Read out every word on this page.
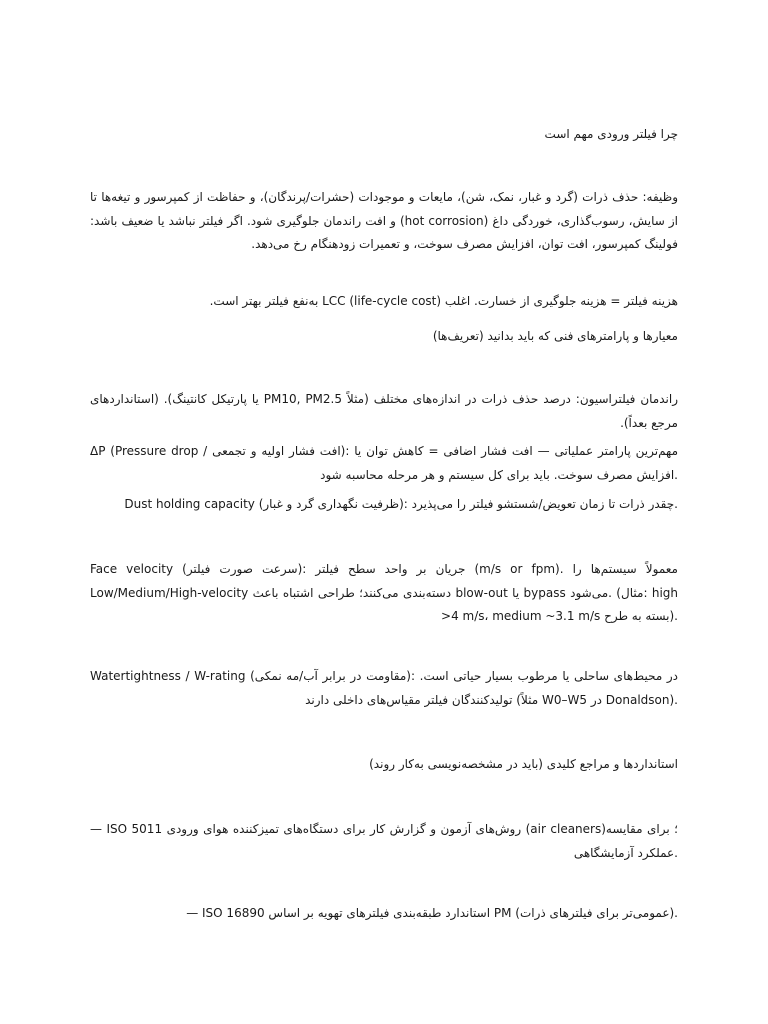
چرا فیلتر ورودی مهم است

وظیفه: حذف ذرات (گرد و غبار، نمک، شن)، مایعات و موجودات (حشرات/پرندگان)، و حفاظت از کمپرسور و تیغه‌ها تا از سایش، رسوب‌گذاری، خوردگی داغ (hot corrosion) و افت راندمان جلوگیری شود. اگر فیلتر نباشد یا ضعیف باشد: فولینگ کمپرسور، افت توان، افزایش مصرف سوخت، و تعمیرات زودهنگام رخ می‌دهد.

هزینه فیلتر = هزینه جلوگیری از خسارت. اغلب LCC (life-cycle cost) به‌نفع فیلتر بهتر است.

معیارها و پارامترهای فنی که باید بدانید (تعریف‌ها)

راندمان فیلتراسیون: درصد حذف ذرات در اندازه‌های مختلف (مثلاً PM10, PM2.5 یا پارتیکل کانتینگ). (استانداردهای مرجع بعداً).

ΔP (Pressure drop / افت فشار اولیه و تجمعی): مهم‌ترین پارامتر عملیاتی — افت فشار اضافی = کاهش توان یا افزایش مصرف سوخت. باید برای کل سیستم و هر مرحله محاسبه شود.

Dust holding capacity (ظرفیت نگهداری گرد و غبار): چقدر ذرات تا زمان تعویض/شستشو فیلتر را می‌پذیرد.

Face velocity (سرعت صورت فیلتر): جریان بر واحد سطح فیلتر (m/s or fpm). معمولاً سیستم‌ها را Low/Medium/High-velocity دسته‌بندی می‌کنند؛ طراحی اشتباه باعث blow-out یا bypass می‌شود. (مثال: high >4 m/s، medium ~3.1 m/s بسته به طرح).

Watertightness / W-rating (مقاومت در برابر آب/مه نمکی): در محیط‌های ساحلی یا مرطوب بسیار حیاتی است. تولیدکنندگان فیلتر مقیاس‌های داخلی دارند (مثلاً W0–W5 در Donaldson).

استانداردها و مراجع کلیدی (باید در مشخصه‌نویسی به‌کار روند)

— ISO 5011 روش‌های آزمون و گزارش کار برای دستگاه‌های تمیزکننده هوای ورودی (air cleaners)؛ برای مقایسه عملکرد آزمایشگاهی.

— ISO 16890 استاندارد طبقه‌بندی فیلترهای تهویه بر اساس PM (عمومی‌تر برای فیلترهای ذرات).
